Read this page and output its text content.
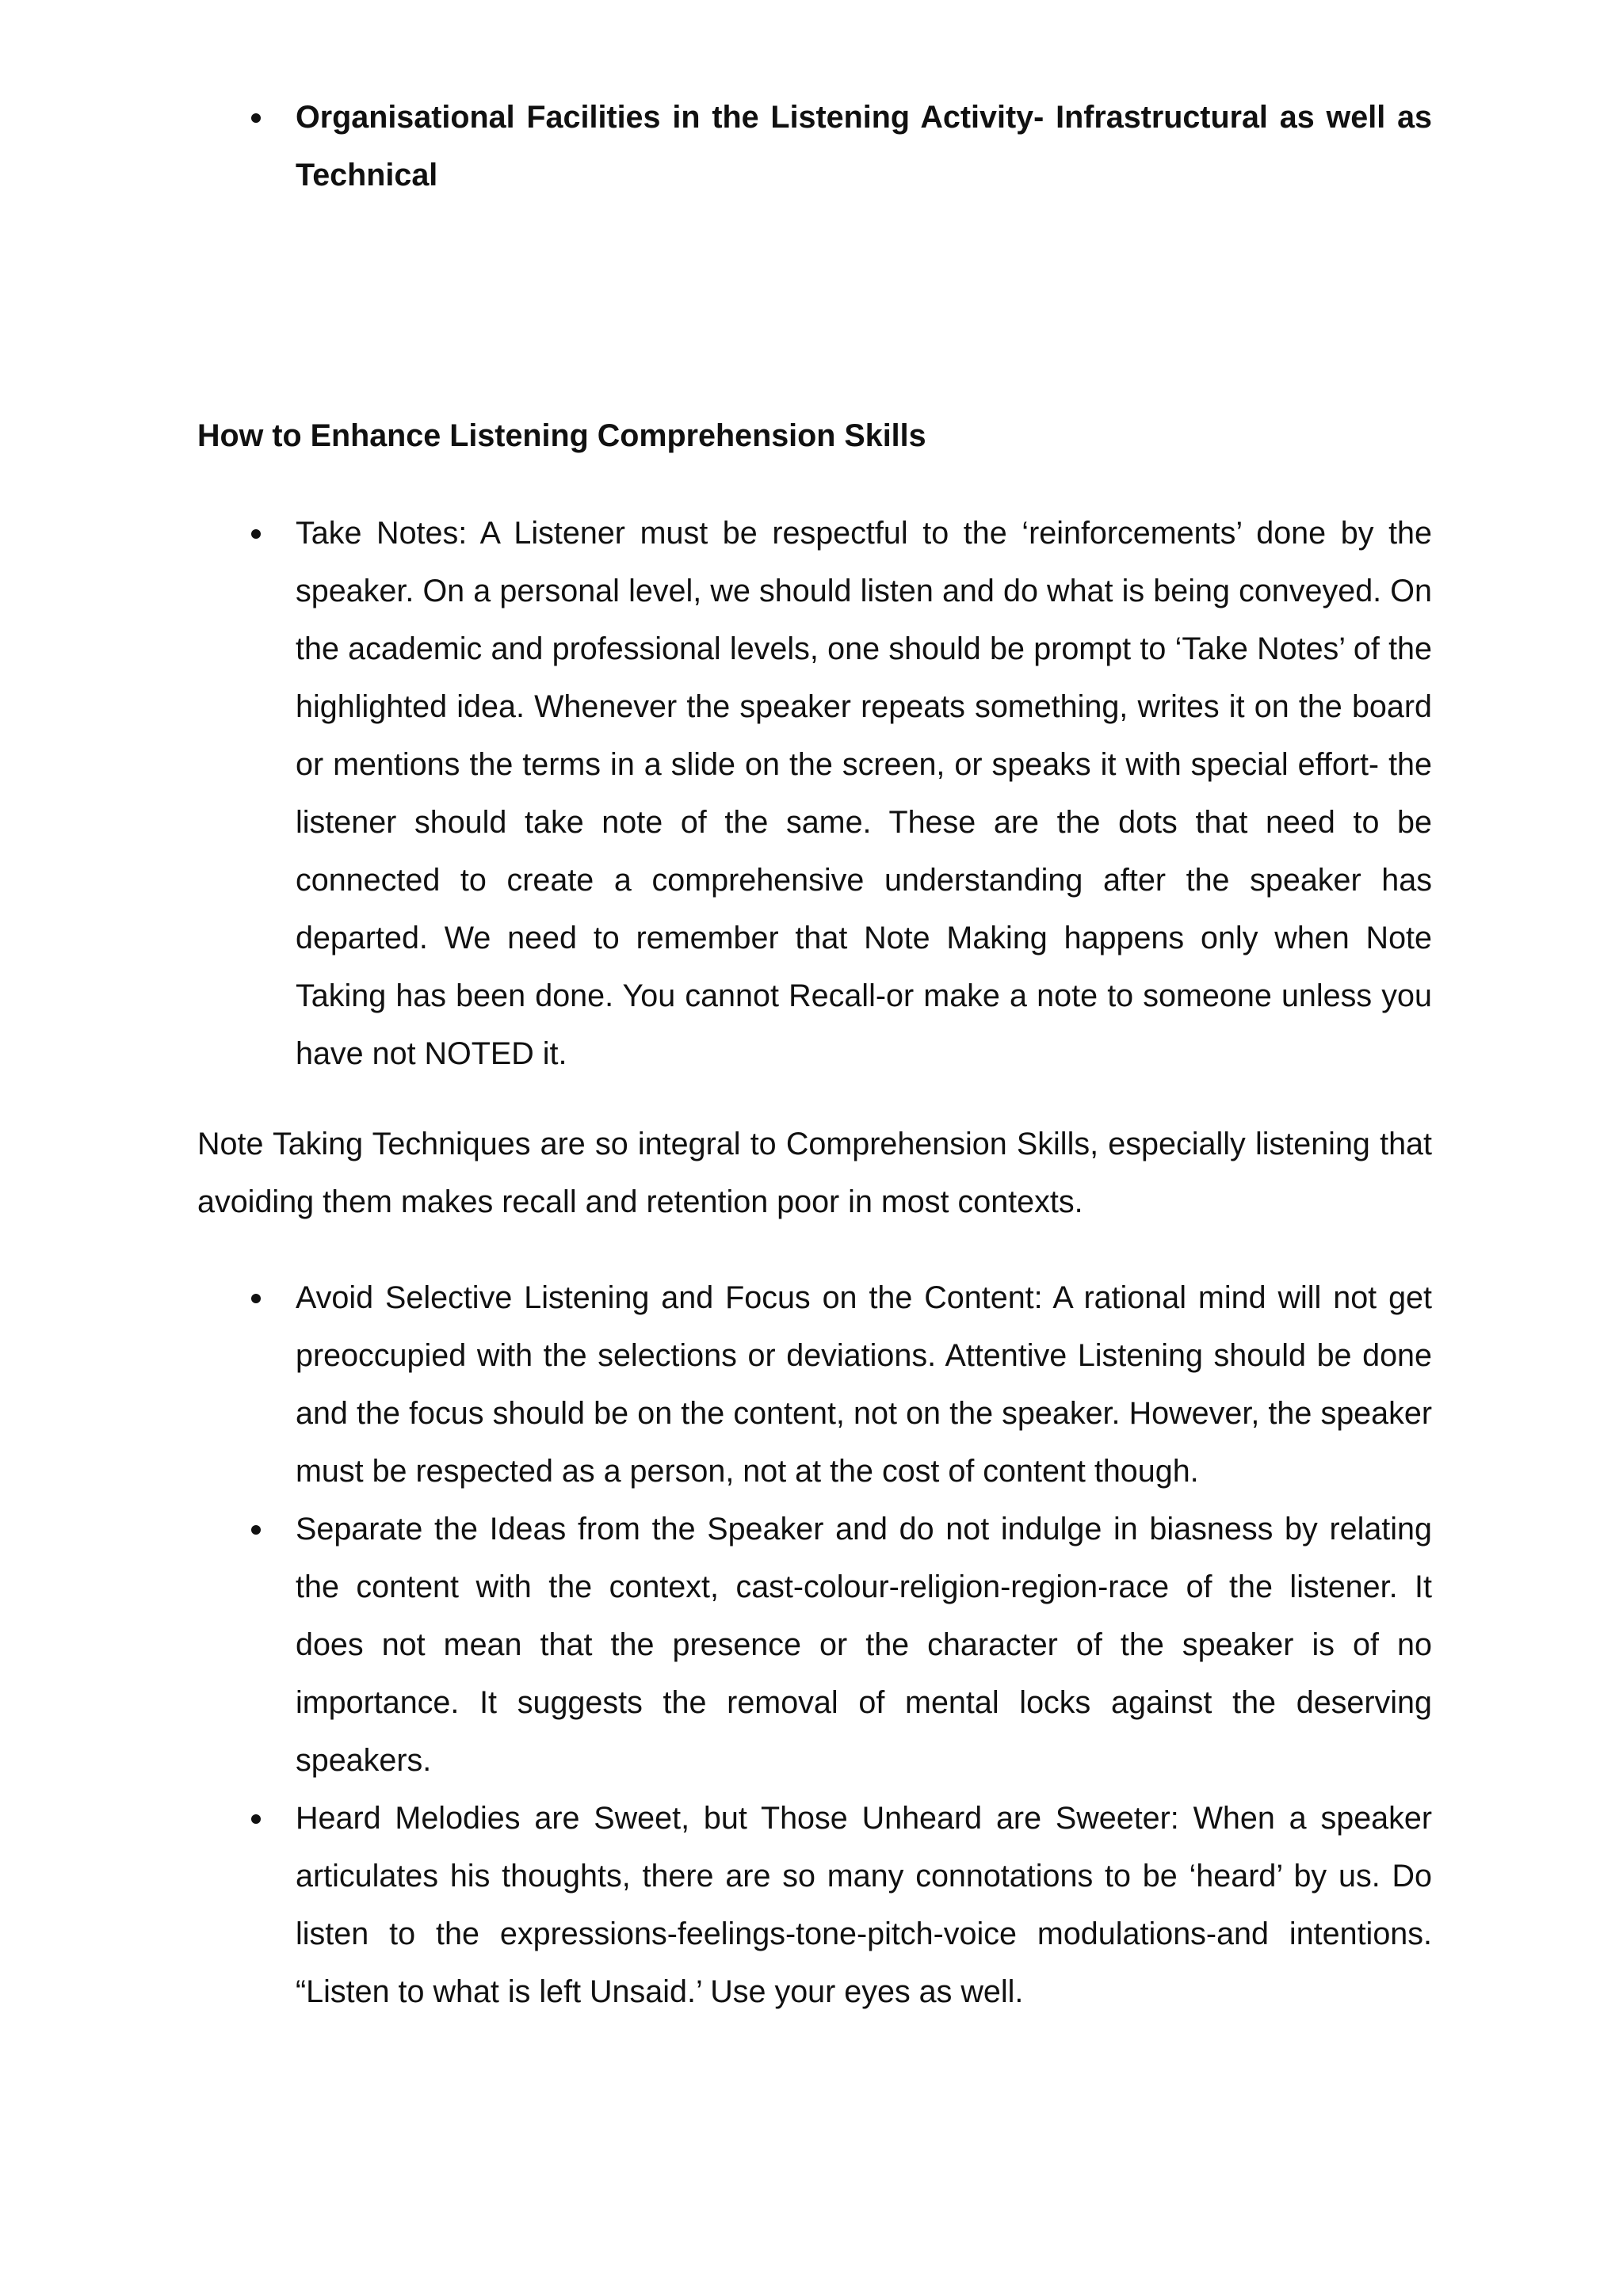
Organisational Facilities in the Listening Activity- Infrastructural as well as Technical

How to Enhance Listening Comprehension Skills

Take Notes: A Listener must be respectful to the ‘reinforcements’ done by the speaker. On a personal level, we should listen and do what is being conveyed. On the academic and professional levels, one should be prompt to ‘Take Notes’ of the highlighted idea. Whenever the speaker repeats something, writes it on the board or mentions the terms in a slide on the screen, or speaks it with special effort- the listener should take note of the same. These are the dots that need to be connected to create a comprehensive understanding after the speaker has departed. We need to remember that Note Making happens only when Note Taking has been done. You cannot Recall-or make a note to someone unless you have not NOTED it.

Note Taking Techniques are so integral to Comprehension Skills, especially listening that avoiding them makes recall and retention poor in most contexts.

Avoid Selective Listening and Focus on the Content: A rational mind will not get preoccupied with the selections or deviations. Attentive Listening should be done and the focus should be on the content, not on the speaker. However, the speaker must be respected as a person, not at the cost of content though.

Separate the Ideas from the Speaker and do not indulge in biasness by relating the content with the context, cast-colour-religion-region-race of the listener. It does not mean that the presence or the character of the speaker is of no importance. It suggests the removal of mental locks against the deserving speakers.

Heard Melodies are Sweet, but Those Unheard are Sweeter: When a speaker articulates his thoughts, there are so many connotations to be ‘heard’ by us. Do listen to the expressions-feelings-tone-pitch-voice modulations-and intentions. “Listen to what is left Unsaid.’ Use your eyes as well.
